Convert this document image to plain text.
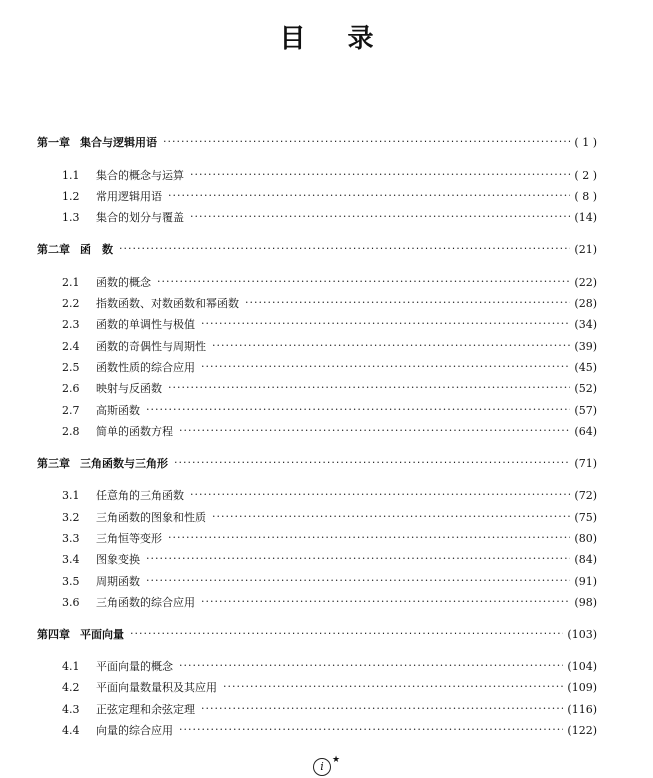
目录
第一章 集合与逻辑用语 ·····	( 1 )
1.1	集合的概念与运算 ·····	( 2 )
1.2	常用逻辑用语 ·····	( 8 )
1.3	集合的划分与覆盖 ·····	(14)
第二章 函　数 ·····	(21)
2.1	函数的概念 ·····	(22)
2.2	指数函数、对数函数和幂函数 ·····	(28)
2.3	函数的单调性与极值 ·····	(34)
2.4	函数的奇偶性与周期性 ·····	(39)
2.5	函数性质的综合应用 ·····	(45)
2.6	映射与反函数 ·····	(52)
2.7	高斯函数 ·····	(57)
2.8	简单的函数方程 ·····	(64)
第三章 三角函数与三角形 ·····	(71)
3.1	任意角的三角函数 ·····	(72)
3.2	三角函数的图象和性质 ·····	(75)
3.3	三角恒等变形 ·····	(80)
3.4	图象变换 ·····	(84)
3.5	周期函数 ·····	(91)
3.6	三角函数的综合应用 ·····	(98)
第四章 平面向量 ·····	(103)
4.1	平面向量的概念 ·····	(104)
4.2	平面向量数量积及其应用 ·····	(109)
4.3	正弦定理和余弦定理 ·····	(116)
4.4	向量的综合应用 ·····	(122)
i ★
